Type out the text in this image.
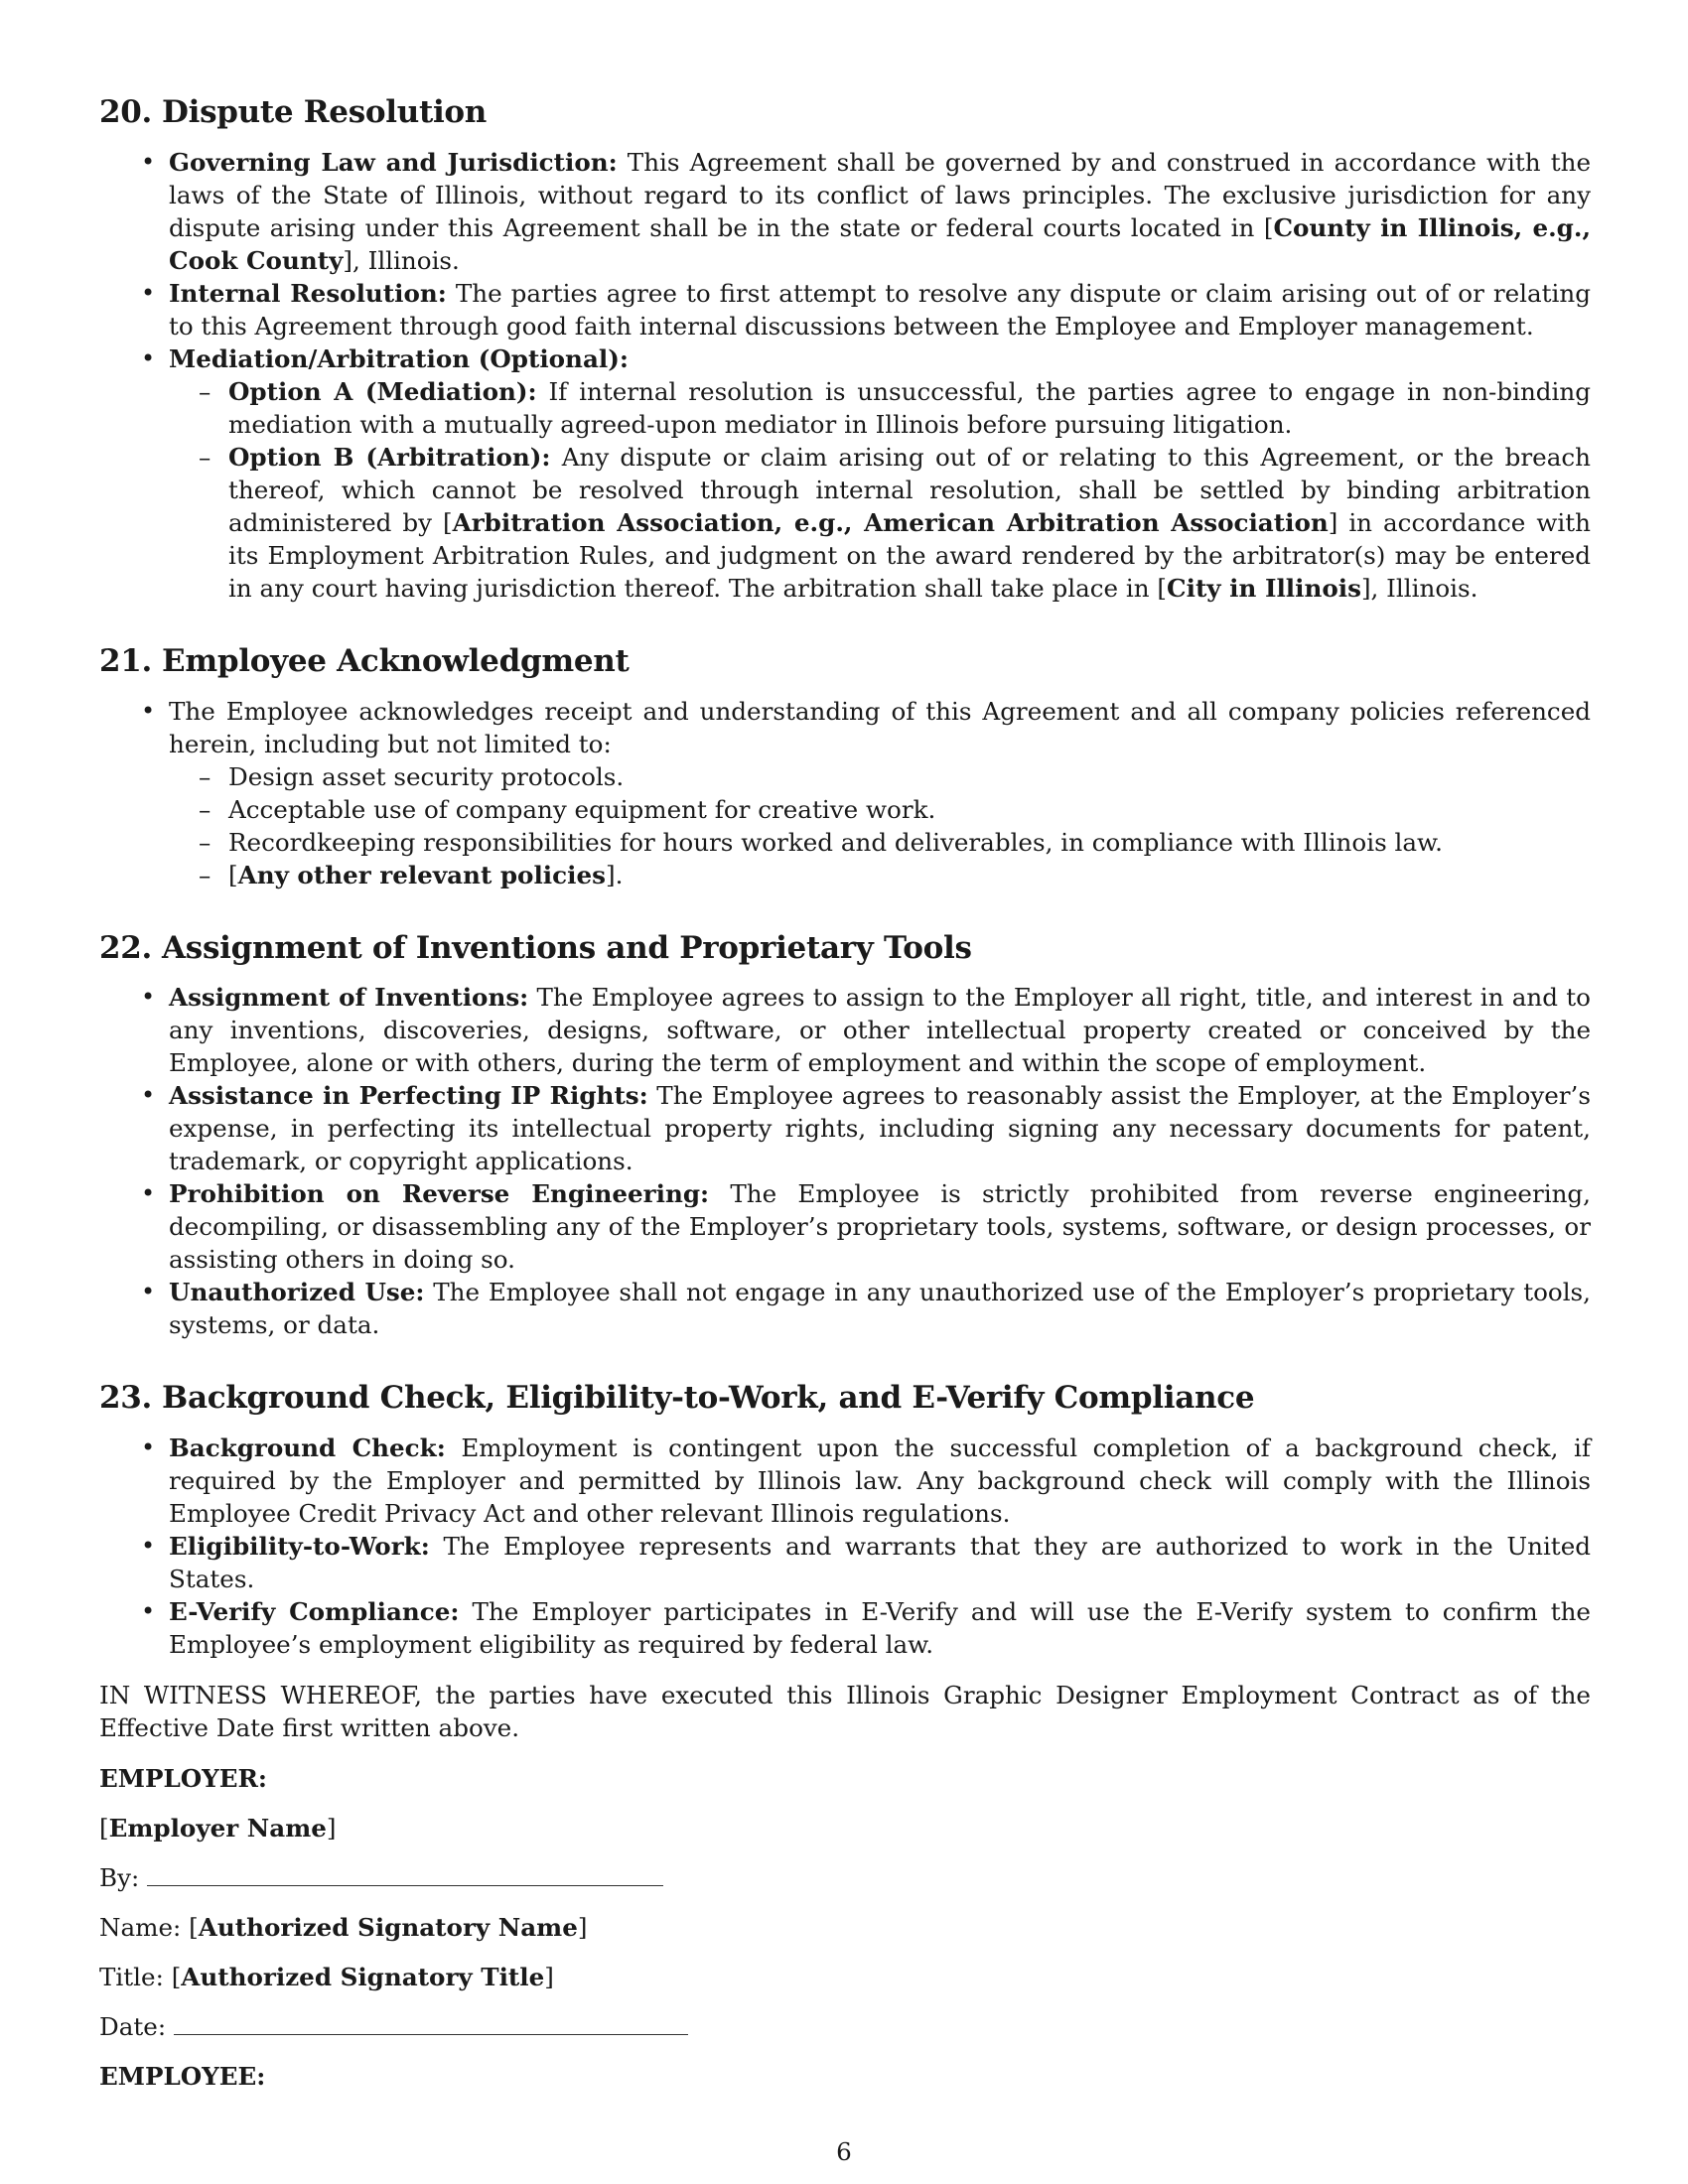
20. Dispute Resolution
• Governing Law and Jurisdiction: This Agreement shall be governed by and construed in accordance with the laws of the State of Illinois, without regard to its conflict of laws principles. The exclusive jurisdiction for any dispute arising under this Agreement shall be in the state or federal courts located in [County in Illinois, e.g., Cook County], Illinois.
• Internal Resolution: The parties agree to first attempt to resolve any dispute or claim arising out of or relating to this Agreement through good faith internal discussions between the Employee and Employer management.
• Mediation/Arbitration (Optional):
– Option A (Mediation): If internal resolution is unsuccessful, the parties agree to engage in non-binding mediation with a mutually agreed-upon mediator in Illinois before pursuing litigation.
– Option B (Arbitration): Any dispute or claim arising out of or relating to this Agreement, or the breach thereof, which cannot be resolved through internal resolution, shall be settled by binding arbitration administered by [Arbitration Association, e.g., American Arbitration Association] in accordance with its Employment Arbitration Rules, and judgment on the award rendered by the arbitrator(s) may be entered in any court having jurisdiction thereof. The arbitration shall take place in [City in Illinois], Illinois.
21. Employee Acknowledgment
• The Employee acknowledges receipt and understanding of this Agreement and all company policies referenced herein, including but not limited to:
– Design asset security protocols.
– Acceptable use of company equipment for creative work.
– Recordkeeping responsibilities for hours worked and deliverables, in compliance with Illinois law.
– [Any other relevant policies].
22. Assignment of Inventions and Proprietary Tools
• Assignment of Inventions: The Employee agrees to assign to the Employer all right, title, and interest in and to any inventions, discoveries, designs, software, or other intellectual property created or conceived by the Employee, alone or with others, during the term of employment and within the scope of employment.
• Assistance in Perfecting IP Rights: The Employee agrees to reasonably assist the Employer, at the Employer’s expense, in perfecting its intellectual property rights, including signing any necessary documents for patent, trademark, or copyright applications.
• Prohibition on Reverse Engineering: The Employee is strictly prohibited from reverse engineering, decompiling, or disassembling any of the Employer’s proprietary tools, systems, software, or design processes, or assisting others in doing so.
• Unauthorized Use: The Employee shall not engage in any unauthorized use of the Employer’s proprietary tools, systems, or data.
23. Background Check, Eligibility-to-Work, and E-Verify Compliance
• Background Check: Employment is contingent upon the successful completion of a background check, if required by the Employer and permitted by Illinois law. Any background check will comply with the Illinois Employee Credit Privacy Act and other relevant Illinois regulations.
• Eligibility-to-Work: The Employee represents and warrants that they are authorized to work in the United States.
• E-Verify Compliance: The Employer participates in E-Verify and will use the E-Verify system to confirm the Employee’s employment eligibility as required by federal law.

IN WITNESS WHEREOF, the parties have executed this Illinois Graphic Designer Employment Contract as of the Effective Date first written above.

EMPLOYER:

[Employer Name]

By:

Name: [Authorized Signatory Name]

Title: [Authorized Signatory Title]

Date:

EMPLOYEE:

6
